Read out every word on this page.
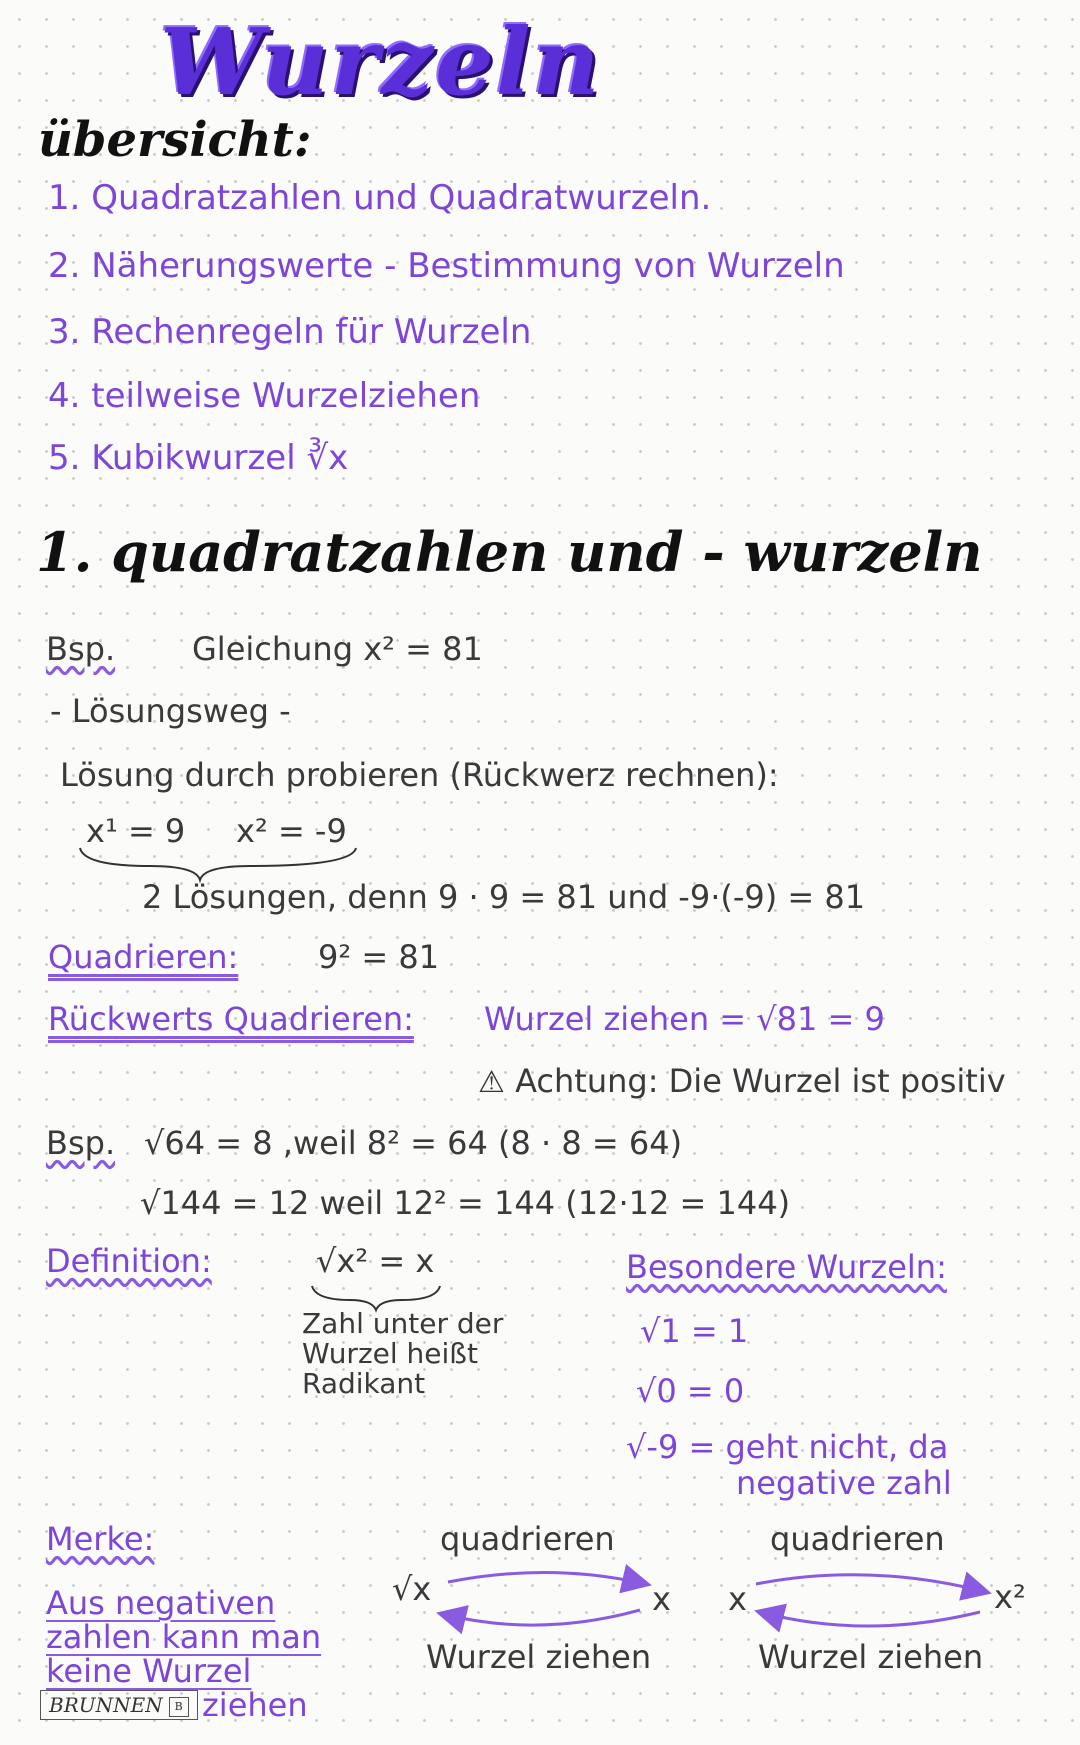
Wurzeln
übersicht:
1. Quadratzahlen und Quadratwurzeln.
2. Näherungswerte - Bestimmung von Wurzeln
3. Rechenregeln für Wurzeln
4. teilweise Wurzelziehen
5. Kubikwurzel ∛x
1. quadratzahlen und - wurzeln
Bsp. Gleichung x² = 81
- Lösungsweg -
Lösung durch probieren (Rückwerz rechnen):
x¹ = 9 x² = -9
2 Lösungen, denn 9 · 9 = 81 und -9·(-9) = 81
Quadrieren: 9² = 81
Rückwerts Quadrieren: Wurzel ziehen = √81 = 9
⚠ Achtung: Die Wurzel ist positiv
Bsp. √64 = 8 ,weil 8² = 64 (8 · 8 = 64)
√144 = 12 weil 12² = 144 (12·12 = 144)
Definition:	√x² = x
Zahl unter der
Wurzel heißt
Radikant
Besondere Wurzeln:
√1 = 1
√0 = 0
√-9 = geht nicht, da
negative zahl
Merke:
Aus negativen
zahlen kann man
keine Wurzel
ziehen
quadrieren
√x	x
Wurzel ziehen
quadrieren
x	x²
Wurzel ziehen
BRUNNEN B
